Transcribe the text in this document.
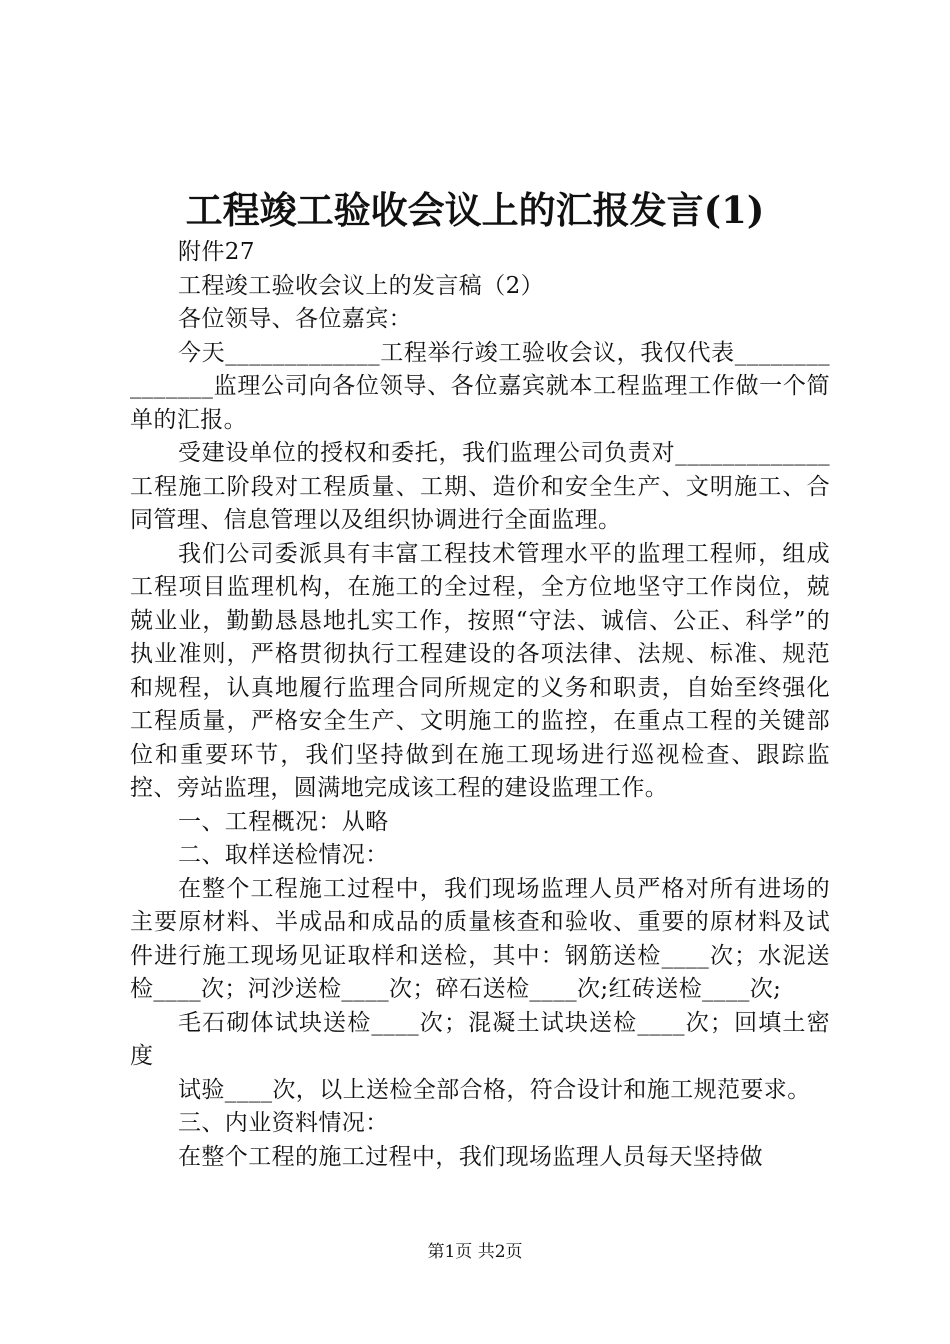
工程竣工验收会议上的汇报发言(1)

附件27

工程竣工验收会议上的发言稿（2）

各位领导、各位嘉宾：

今天_____________工程举行竣工验收会议，我仅代表_______________监理公司向各位领导、各位嘉宾就本工程监理工作做一个简单的汇报。

受建设单位的授权和委托，我们监理公司负责对_____________工程施工阶段对工程质量、工期、造价和安全生产、文明施工、合同管理、信息管理以及组织协调进行全面监理。

我们公司委派具有丰富工程技术管理水平的监理工程师，组成工程项目监理机构，在施工的全过程，全方位地坚守工作岗位，兢兢业业，勤勤恳恳地扎实工作，按照“守法、诚信、公正、科学”的执业准则，严格贯彻执行工程建设的各项法律、法规、标准、规范和规程，认真地履行监理合同所规定的义务和职责，自始至终强化工程质量，严格安全生产、文明施工的监控，在重点工程的关键部位和重要环节，我们坚持做到在施工现场进行巡视检查、跟踪监控、旁站监理，圆满地完成该工程的建设监理工作。

一、工程概况：从略

二、取样送检情况：

在整个工程施工过程中，我们现场监理人员严格对所有进场的主要原材料、半成品和成品的质量核查和验收、重要的原材料及试件进行施工现场见证取样和送检，其中：钢筋送检____次；水泥送检____次；河沙送检____次；碎石送检____次;红砖送检____次;

毛石砌体试块送检____次；混凝土试块送检____次；回填土密度

试验____次，以上送检全部合格，符合设计和施工规范要求。

三、内业资料情况：

在整个工程的施工过程中，我们现场监理人员每天坚持做

第1页 共2页
